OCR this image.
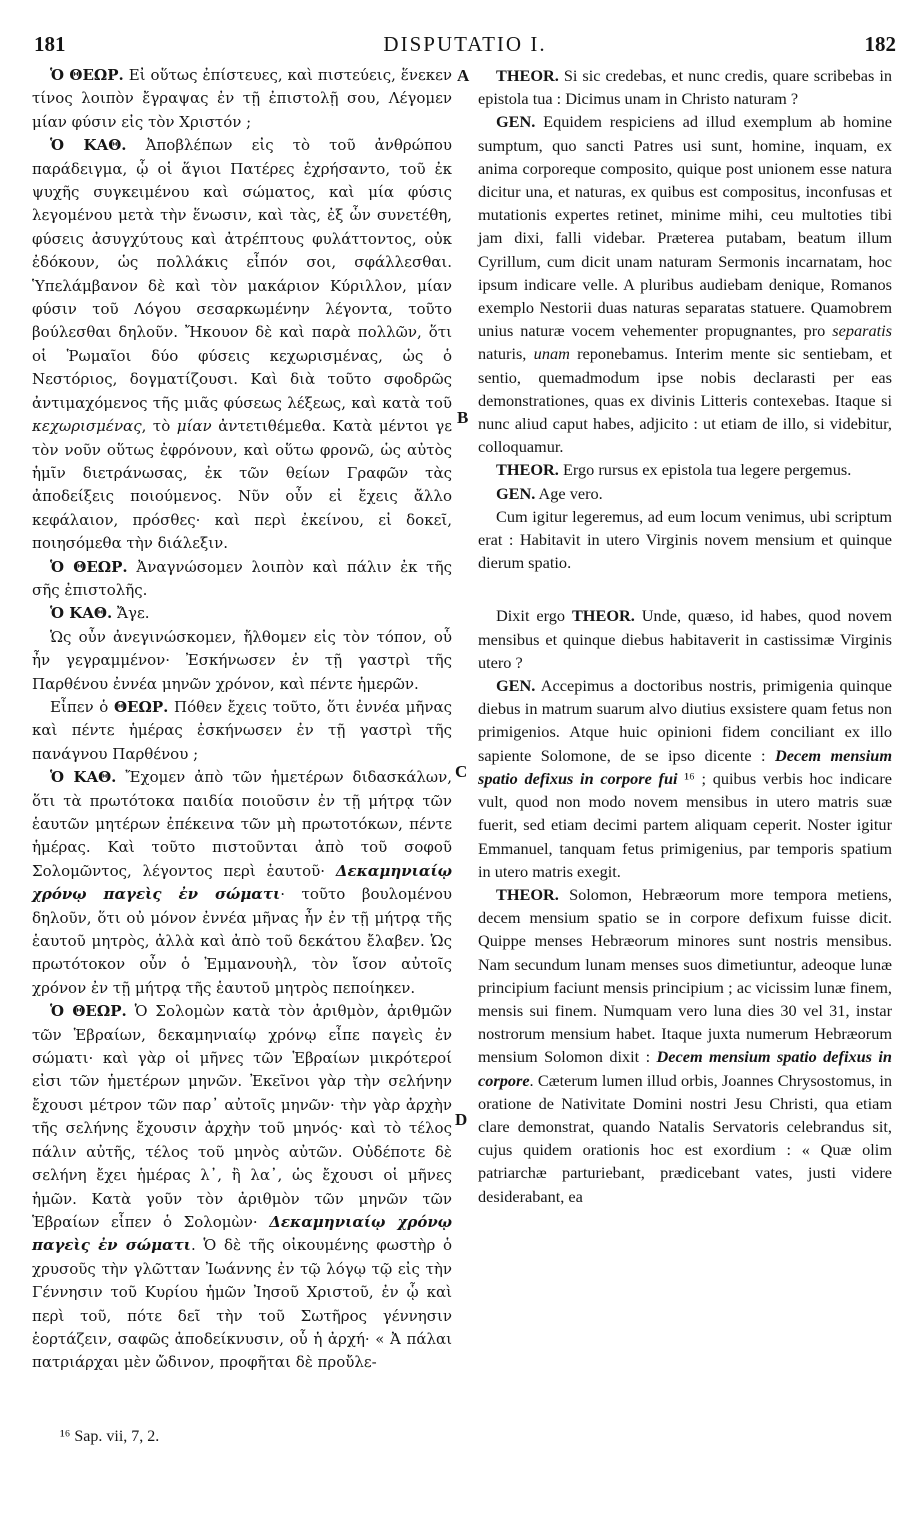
181	DISPUTATIO I.	182
A
B
C
D

Ὁ ΘΕΩΡ. Εἰ οὕτως ἐπίστευες, καὶ πιστεύεις, ἕνεκεν τίνος λοιπὸν ἔγραψας ἐν τῇ ἐπιστολῇ σου, Λέγομεν μίαν φύσιν εἰς τὸν Χριστόν ;

Ὁ ΚΑΘ. Ἀποβλέπων εἰς τὸ τοῦ ἀνθρώπου παράδειγμα, ᾧ οἱ ἅγιοι Πατέρες ἐχρήσαντο, τοῦ ἐκ ψυχῆς συγκειμένου καὶ σώματος, καὶ μία φύσις λεγομένου μετὰ τὴν ἕνωσιν, καὶ τὰς, ἐξ ὧν συνετέθη, φύσεις ἀσυγχύτους καὶ ἀτρέπτους φυλάττοντος, οὐκ ἐδόκουν, ὡς πολλάκις εἶπόν σοι, σφάλλεσθαι. Ὑπελάμβανον δὲ καὶ τὸν μακάριον Κύριλλον, μίαν φύσιν τοῦ Λόγου σεσαρκωμένην λέγοντα, τοῦτο βούλεσθαι δηλοῦν. Ἤκουον δὲ καὶ παρὰ πολλῶν, ὅτι οἱ Ῥωμαῖοι δύο φύσεις κεχωρισμένας, ὡς ὁ Νεστόριος, δογματίζουσι. Καὶ διὰ τοῦτο σφοδρῶς ἀντιμαχόμενος τῆς μιᾶς φύσεως λέξεως, καὶ κατὰ τοῦ κεχωρισμένας, τὸ μίαν ἀντετιθέμεθα. Κατὰ μέντοι γε τὸν νοῦν οὕτως ἐφρόνουν, καὶ οὕτω φρονῶ, ὡς αὐτὸς ἡμῖν διετράνωσας, ἐκ τῶν θείων Γραφῶν τὰς ἀποδείξεις ποιούμενος. Νῦν οὖν εἰ ἔχεις ἄλλο κεφάλαιον, πρόσθες· καὶ περὶ ἐκείνου, εἰ δοκεῖ, ποιησόμεθα τὴν διάλεξιν.

Ὁ ΘΕΩΡ. Ἀναγνώσομεν λοιπὸν καὶ πάλιν ἐκ τῆς σῆς ἐπιστολῆς.

Ὁ ΚΑΘ. Ἄγε.

Ὡς οὖν ἀνεγινώσκομεν, ἤλθομεν εἰς τὸν τόπον, οὗ ἦν γεγραμμένον· Ἐσκήνωσεν ἐν τῇ γαστρὶ τῆς Παρθένου ἐννέα μηνῶν χρόνον, καὶ πέντε ἡμερῶν.

Εἶπεν ὁ ΘΕΩΡ. Πόθεν ἔχεις τοῦτο, ὅτι ἐννέα μῆνας καὶ πέντε ἡμέρας ἐσκήνωσεν ἐν τῇ γαστρὶ τῆς πανάγνου Παρθένου ;

Ὁ ΚΑΘ. Ἔχομεν ἀπὸ τῶν ἡμετέρων διδασκάλων, ὅτι τὰ πρωτότοκα παιδία ποιοῦσιν ἐν τῇ μήτρᾳ τῶν ἑαυτῶν μητέρων ἐπέκεινα τῶν μὴ πρωτοτόκων, πέντε ἡμέρας. Καὶ τοῦτο πιστοῦνται ἀπὸ τοῦ σοφοῦ Σολομῶντος, λέγοντος περὶ ἑαυτοῦ· Δεκαμηνιαίῳ χρόνῳ παγεὶς ἐν σώματι· τοῦτο βουλομένου δηλοῦν, ὅτι οὐ μόνον ἐννέα μῆνας ἦν ἐν τῇ μήτρᾳ τῆς ἑαυτοῦ μητρὸς, ἀλλὰ καὶ ἀπὸ τοῦ δεκάτου ἔλαβεν. Ὡς πρωτότοκον οὖν ὁ Ἐμμανουὴλ, τὸν ἴσον αὐτοῖς χρόνον ἐν τῇ μήτρᾳ τῆς ἑαυτοῦ μητρὸς πεποίηκεν.

Ὁ ΘΕΩΡ. Ὁ Σολομὼν κατὰ τὸν ἀριθμὸν, ἀριθμῶν τῶν Ἑβραίων, δεκαμηνιαίῳ χρόνῳ εἶπε παγεὶς ἐν σώματι· καὶ γὰρ οἱ μῆνες τῶν Ἑβραίων μικρότεροί εἰσι τῶν ἡμετέρων μηνῶν. Ἐκεῖνοι γὰρ τὴν σελήνην ἔχουσι μέτρον τῶν παρ᾽ αὐτοῖς μηνῶν· τὴν γὰρ ἀρχὴν τῆς σελήνης ἔχουσιν ἀρχὴν τοῦ μηνός· καὶ τὸ τέλος πάλιν αὐτῆς, τέλος τοῦ μηνὸς αὐτῶν. Οὐδέποτε δὲ σελήνη ἔχει ἡμέρας λ᾽, ἢ λα᾽, ὡς ἔχουσι οἱ μῆνες ἡμῶν. Κατὰ γοῦν τὸν ἀριθμὸν τῶν μηνῶν τῶν Ἑβραίων εἶπεν ὁ Σολομὼν· Δεκαμηνιαίῳ χρόνῳ παγεὶς ἐν σώματι. Ὁ δὲ τῆς οἰκουμένης φωστὴρ ὁ χρυσοῦς τὴν γλῶτταν Ἰωάννης ἐν τῷ λόγῳ τῷ εἰς τὴν Γέννησιν τοῦ Κυρίου ἡμῶν Ἰησοῦ Χριστοῦ, ἐν ᾧ καὶ περὶ τοῦ, πότε δεῖ τὴν τοῦ Σωτῆρος γέννησιν ἑορτάζειν, σαφῶς ἀποδείκνυσιν, οὗ ἡ ἀρχή· « Ἀ πάλαι πατριάρχαι μὲν ὤδινον, προφῆται δὲ προὔλε-

THEOR. Si sic credebas, et nunc credis, quare scribebas in epistola tua : Dicimus unam in Christo naturam ?

GEN. Equidem respiciens ad illud exemplum ab homine sumptum, quo sancti Patres usi sunt, homine, inquam, ex anima corporeque composito, quique post unionem esse natura dicitur una, et naturas, ex quibus est compositus, inconfusas et mutationis expertes retinet, minime mihi, ceu multoties tibi jam dixi, falli videbar. Præterea putabam, beatum illum Cyrillum, cum dicit unam naturam Sermonis incarnatam, hoc ipsum indicare velle. A pluribus audiebam denique, Romanos exemplo Nestorii duas naturas separatas statuere. Quamobrem unius naturæ vocem vehementer propugnantes, pro separatis naturis, unam reponebamus. Interim mente sic sentiebam, et sentio, quemadmodum ipse nobis declarasti per eas demonstrationes, quas ex divinis Litteris contexebas. Itaque si nunc aliud caput habes, adjicito : ut etiam de illo, si videbitur, colloquamur.

THEOR. Ergo rursus ex epistola tua legere pergemus.

GEN. Age vero.

Cum igitur legeremus, ad eum locum venimus, ubi scriptum erat : Habitavit in utero Virginis novem mensium et quinque dierum spatio.

Dixit ergo THEOR. Unde, quæso, id habes, quod novem mensibus et quinque diebus habitaverit in castissimæ Virginis utero ?

GEN. Accepimus a doctoribus nostris, primigenia quinque diebus in matrum suarum alvo diutius exsistere quam fetus non primigenios. Atque huic opinioni fidem conciliant ex illo sapiente Solomone, de se ipso dicente : Decem mensium spatio defixus in corpore fui ¹⁶ ; quibus verbis hoc indicare vult, quod non modo novem mensibus in utero matris suæ fuerit, sed etiam decimi partem aliquam ceperit. Noster igitur Emmanuel, tanquam fetus primigenius, par temporis spatium in utero matris exegit.

THEOR. Solomon, Hebræorum more tempora metiens, decem mensium spatio se in corpore defixum fuisse dicit. Quippe menses Hebræorum minores sunt nostris mensibus. Nam secundum lunam menses suos dimetiuntur, adeoque lunæ principium faciunt mensis principium ; ac vicissim lunæ finem, mensis sui finem. Numquam vero luna dies 30 vel 31, instar nostrorum mensium habet. Itaque juxta numerum Hebræorum mensium Solomon dixit : Decem mensium spatio defixus in corpore. Cæterum lumen illud orbis, Joannes Chrysostomus, in oratione de Nativitate Domini nostri Jesu Christi, qua etiam clare demonstrat, quando Natalis Servatoris celebrandus sit, cujus quidem orationis hoc est exordium : « Quæ olim patriarchæ parturiebant, prædicebant vates, justi videre desiderabant, ea

¹⁶ Sap. vii, 7, 2.
